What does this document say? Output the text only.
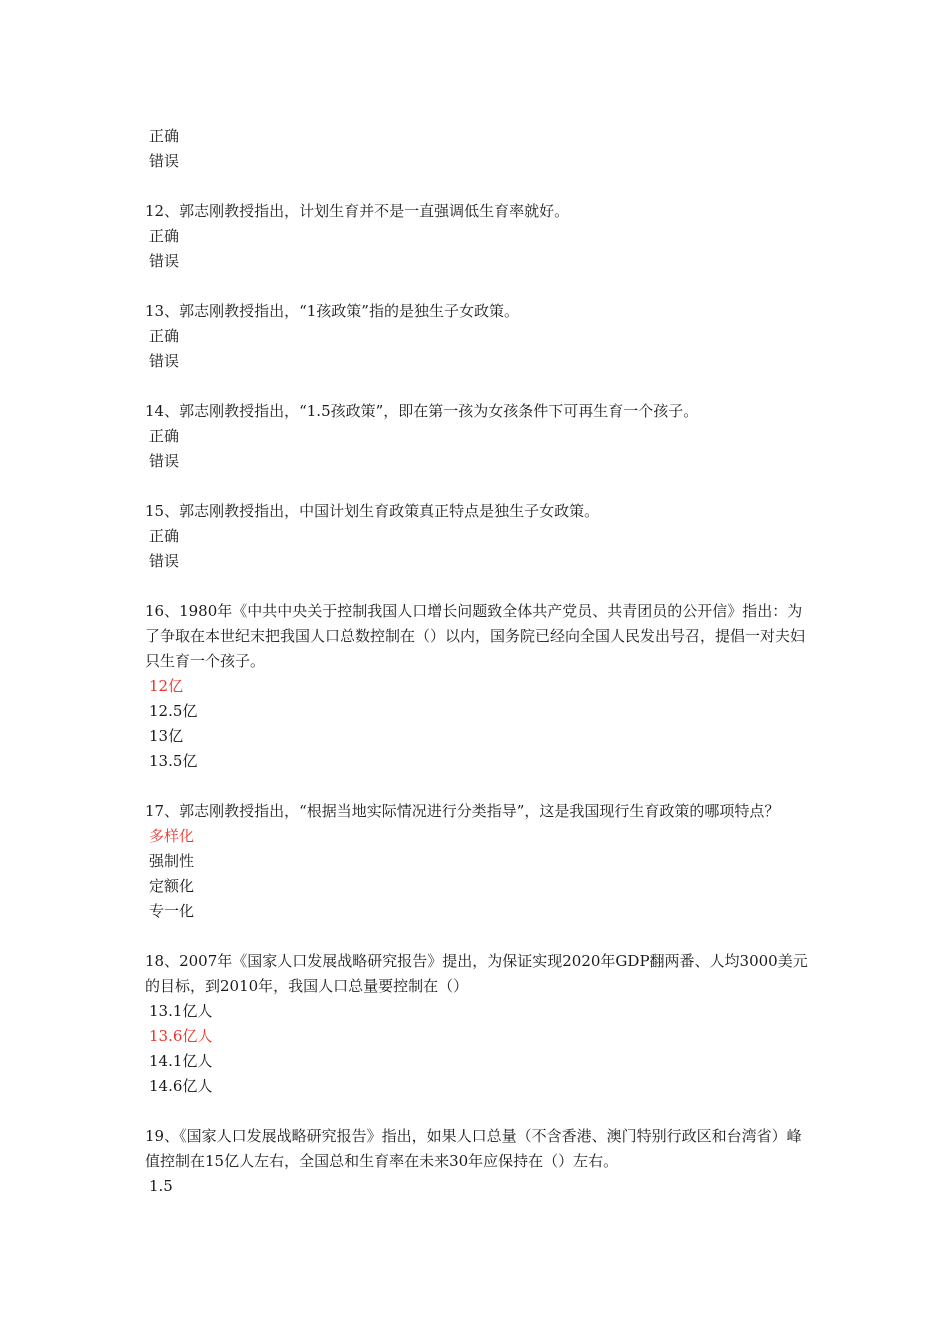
正确

错误

12、郭志刚教授指出，计划生育并不是一直强调低生育率就好。

正确

错误

13、郭志刚教授指出，“1孩政策”指的是独生子女政策。

正确

错误

14、郭志刚教授指出，“1.5孩政策”，即在第一孩为女孩条件下可再生育一个孩子。

正确

错误

15、郭志刚教授指出，中国计划生育政策真正特点是独生子女政策。

正确

错误

16、1980年《中共中央关于控制我国人口增长问题致全体共产党员、共青团员的公开信》指出：为了争取在本世纪末把我国人口总数控制在（）以内，国务院已经向全国人民发出号召，提倡一对夫妇只生育一个孩子。

12亿

12.5亿

13亿

13.5亿

17、郭志刚教授指出，“根据当地实际情况进行分类指导”，这是我国现行生育政策的哪项特点？

多样化

强制性

定额化

专一化

18、2007年《国家人口发展战略研究报告》提出，为保证实现2020年GDP翻两番、人均3000美元的目标，到2010年，我国人口总量要控制在（）

13.1亿人

13.6亿人

14.1亿人

14.6亿人

19、《国家人口发展战略研究报告》指出，如果人口总量（不含香港、澳门特别行政区和台湾省）峰值控制在15亿人左右，全国总和生育率在未来30年应保持在（）左右。

1.5
